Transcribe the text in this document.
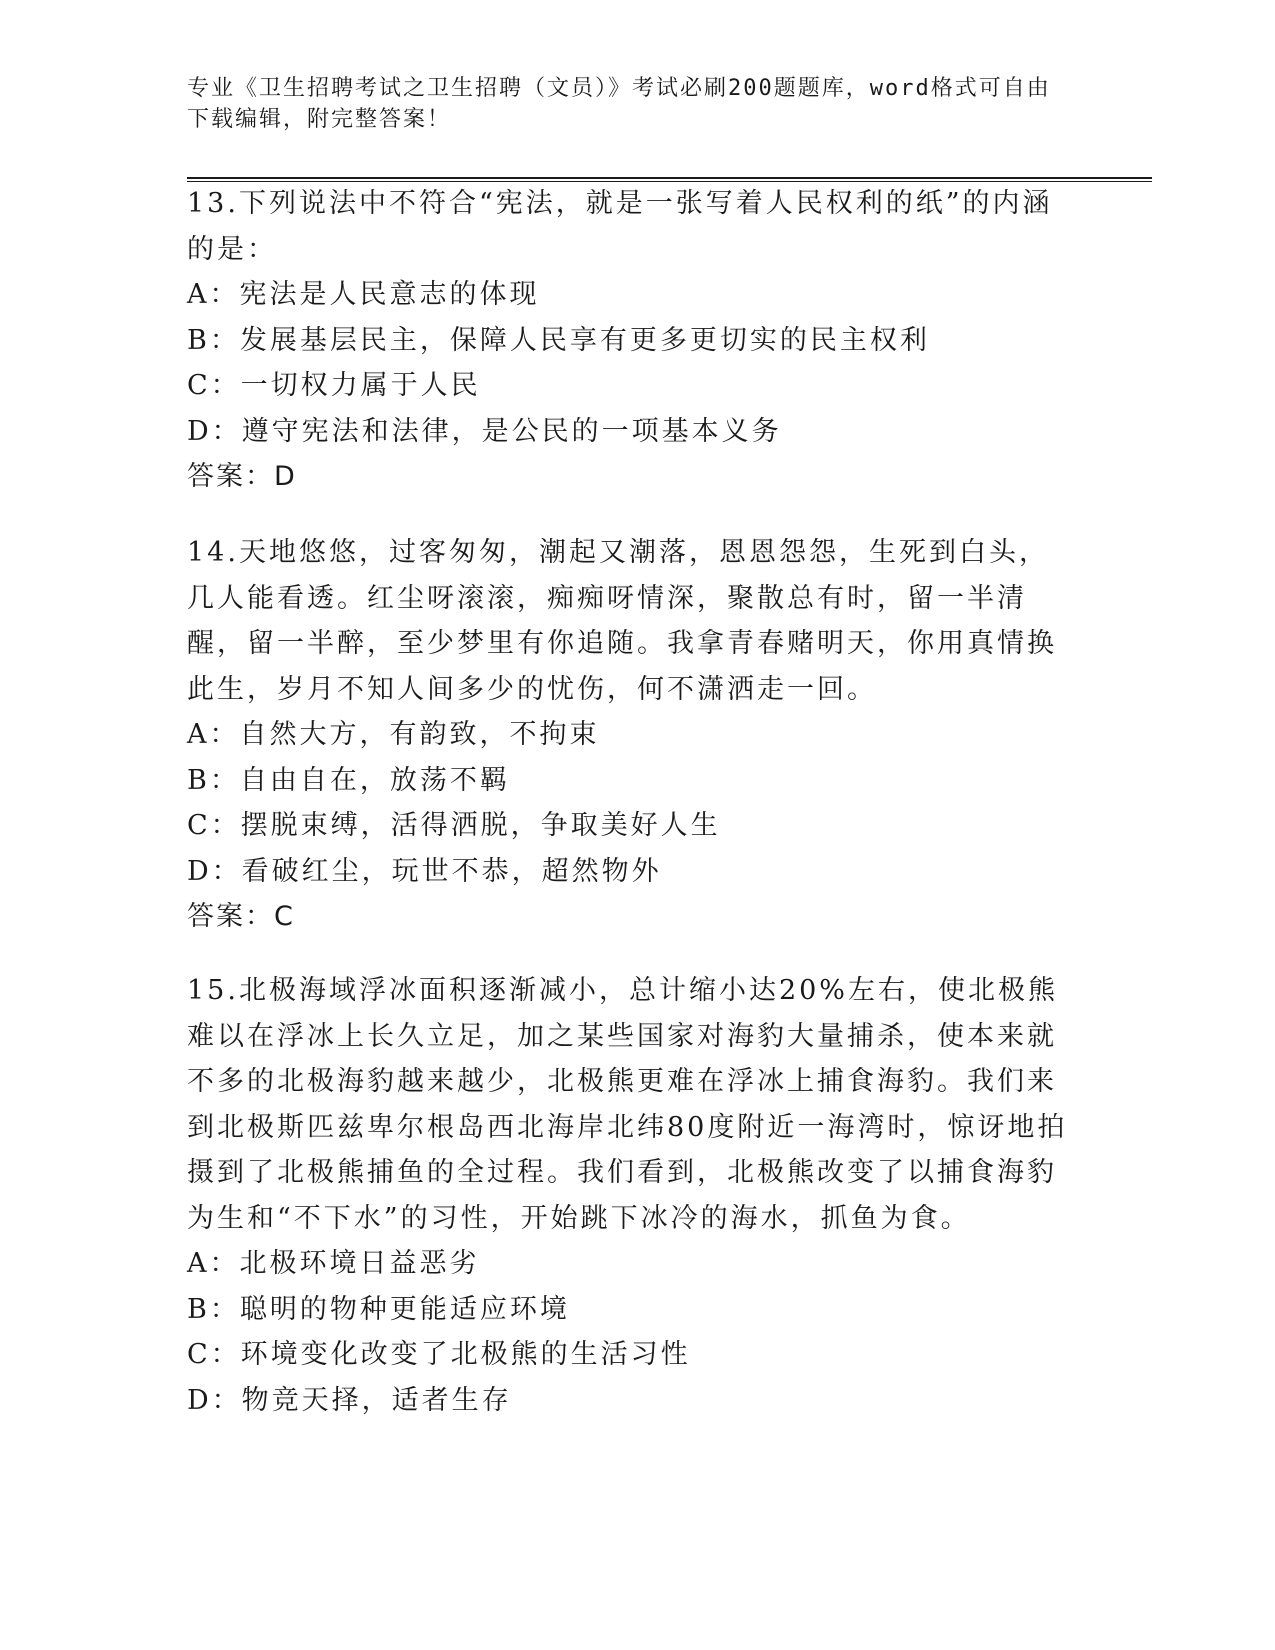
专业《卫生招聘考试之卫生招聘（文员）》考试必刷200题题库，word格式可自由下载编辑，附完整答案！

13.下列说法中不符合“宪法，就是一张写着人民权利的纸”的内涵的是：

A：宪法是人民意志的体现

B：发展基层民主，保障人民享有更多更切实的民主权利

C：一切权力属于人民

D：遵守宪法和法律，是公民的一项基本义务

答案：D

14.天地悠悠，过客匆匆，潮起又潮落，恩恩怨怨，生死到白头，几人能看透。红尘呀滚滚，痴痴呀情深，聚散总有时，留一半清醒，留一半醉，至少梦里有你追随。我拿青春赌明天，你用真情换此生，岁月不知人间多少的忧伤，何不潇洒走一回。

A：自然大方，有韵致，不拘束

B：自由自在，放荡不羁

C：摆脱束缚，活得洒脱，争取美好人生

D：看破红尘，玩世不恭，超然物外

答案：C

15.北极海域浮冰面积逐渐减小，总计缩小达20%左右，使北极熊难以在浮冰上长久立足，加之某些国家对海豹大量捕杀，使本来就不多的北极海豹越来越少，北极熊更难在浮冰上捕食海豹。我们来到北极斯匹兹卑尔根岛西北海岸北纬80度附近一海湾时，惊讶地拍摄到了北极熊捕鱼的全过程。我们看到，北极熊改变了以捕食海豹为生和“不下水”的习性，开始跳下冰冷的海水，抓鱼为食。

A：北极环境日益恶劣

B：聪明的物种更能适应环境

C：环境变化改变了北极熊的生活习性

D：物竞天择，适者生存
